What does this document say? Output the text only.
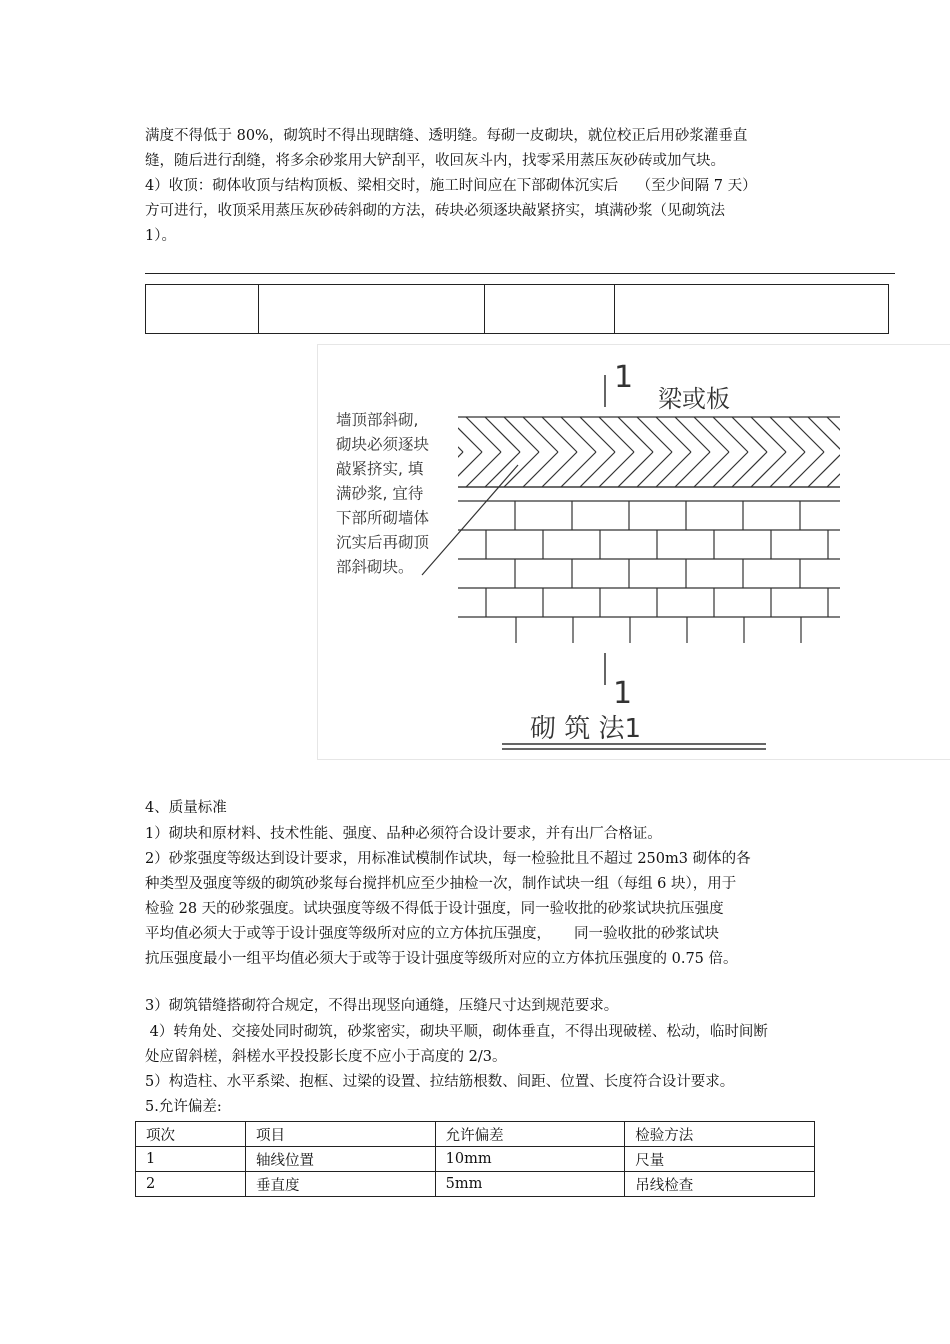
满度不得低于 80%，砌筑时不得出现瞎缝、透明缝。每砌一皮砌块，就位校正后用砂浆灌垂直
缝，随后进行刮缝，将多余砂浆用大铲刮平，收回灰斗内，找零采用蒸压灰砂砖或加气块。
4）收顶：砌体收顶与结构顶板、梁相交时，施工时间应在下部砌体沉实后    （至少间隔 7 天）
方可进行，收顶采用蒸压灰砂砖斜砌的方法，砖块必须逐块敲紧挤实，填满砂浆（见砌筑法
1）。
1
梁或板
1
墙顶部斜砌,
砌块必须逐块
敲紧挤实, 填
满砂浆, 宜待
下部所砌墙体
沉实后再砌顶
部斜砌块。
砌 筑 法1
4、质量标准
1）砌块和原材料、技术性能、强度、品种必须符合设计要求，并有出厂合格证。
2）砂浆强度等级达到设计要求，用标准试模制作试块，每一检验批且不超过 250m3 砌体的各
种类型及强度等级的砌筑砂浆每台搅拌机应至少抽检一次，制作试块一组（每组 6 块），用于
检验 28 天的砂浆强度。试块强度等级不得低于设计强度，同一验收批的砂浆试块抗压强度
平均值必须大于或等于设计强度等级所对应的立方体抗压强度，     同一验收批的砂浆试块
抗压强度最小一组平均值必须大于或等于设计强度等级所对应的立方体抗压强度的 0.75 倍。
3）砌筑错缝搭砌符合规定，不得出现竖向通缝，压缝尺寸达到规范要求。
4）转角处、交接处同时砌筑，砂浆密实，砌块平顺，砌体垂直，不得出现破槎、松动，临时间断
处应留斜槎，斜槎水平投投影长度不应小于高度的 2/3。
5）构造柱、水平系梁、抱框、过梁的设置、拉结筋根数、间距、位置、长度符合设计要求。
5.允许偏差:
项次	项目	允许偏差	检验方法
1	轴线位置	10mm	尺量
2	垂直度	5mm	吊线检查
